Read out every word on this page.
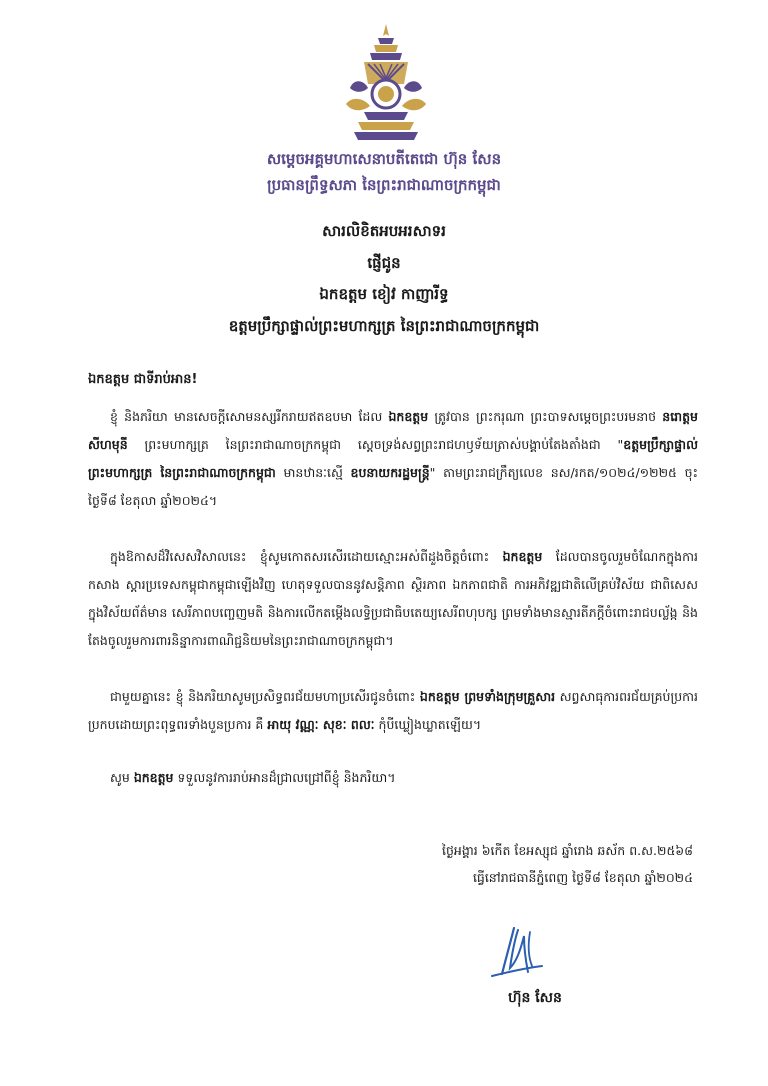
សម្ដេចអគ្គមហាសេនាបតីតេជោ ហ៊ុន សែន
ប្រធានព្រឹទ្ធសភា នៃព្រះរាជាណាចក្រកម្ពុជា
សារលិខិតអបអរសាទរ
ផ្ញើជូន
ឯកឧត្តម ខៀវ កាញារីទ្ធ
ឧត្តមប្រឹក្សាផ្ទាល់ព្រះមហាក្សត្រ នៃព្រះរាជាណាចក្រកម្ពុជា
ឯកឧត្តម ជាទីរាប់អាន!
ខ្ញុំ និងភរិយា មានសេចក្ដីសោមនស្សរីករាយឥតឧបមា ដែល ឯកឧត្តម ត្រូវបាន ព្រះករុណា ព្រះបាទសម្ដេចព្រះបរមនាថ នរោត្តម សីហមុនី ព្រះមហាក្សត្រ នៃព្រះរាជាណាចក្រកម្ពុជា ស្ដេចទ្រង់សព្វព្រះរាជហឫទ័យត្រាស់បង្គាប់តែងតាំងជា "ឧត្តមប្រឹក្សាផ្ទាល់ព្រះមហាក្សត្រ នៃព្រះរាជាណាចក្រកម្ពុជា មានឋានៈស្មើ ឧបនាយករដ្ឋមន្ត្រី" តាមព្រះរាជក្រឹត្យលេខ នស/រកត/១០២៤/១២២៥ ចុះថ្ងៃទី៨ ខែតុលា ឆ្នាំ២០២៤។
ក្នុងឱកាសដ៏វិសេសវិសាលនេះ ខ្ញុំសូមកោតសរសើរដោយស្មោះអស់ពីដួងចិត្តចំពោះ ឯកឧត្តម ដែលបានចូលរួមចំណែកក្នុងការកសាង ស្ដារប្រទេសកម្ពុជាកម្ពុជាឡើងវិញ ហេតុទទួលបាននូវសន្តិភាព ស្ថិរភាព ឯកភាពជាតិ ការអភិវឌ្ឍជាតិលើគ្រប់វិស័យ ជាពិសេសក្នុងវិស័យព័ត៌មាន សេរីភាពបញ្ចេញមតិ និងការលើកតម្កើងលទ្ធិប្រជាធិបតេយ្យសេរីពហុបក្ស ព្រមទាំងមានស្មារតីភក្ដីចំពោះរាជបល្ល័ង្ក និងតែងចូលរួមការពារនិន្នាការពាណិជ្ជនិយមនៃព្រះរាជាណាចក្រកម្ពុជា។
ជាមួយគ្នានេះ ខ្ញុំ និងភរិយាសូមប្រសិទ្ធពរជ័យមហាប្រសើរជូនចំពោះ ឯកឧត្តម ព្រមទាំងក្រុមគ្រួសារ សព្វសាធុការពរជ័យគ្រប់ប្រការ ប្រកបដោយព្រះពុទ្ធពរទាំងបួនប្រការ គឺ អាយុ វណ្ណៈ សុខៈ ពលៈ កុំបីឃ្លៀងឃ្លាតឡើយ។
សូម ឯកឧត្តម ទទួលនូវការរាប់អានដ៏ជ្រាលជ្រៅពីខ្ញុំ និងភរិយា។
ថ្ងៃអង្គារ ៦កើត ខែអស្សុជ ឆ្នាំរោង ឆស័ក ព.ស.២៥៦៨
ធ្វើនៅរាជធានីភ្នំពេញ ថ្ងៃទី៨ ខែតុលា ឆ្នាំ២០២៤
ហ៊ុន សែន
